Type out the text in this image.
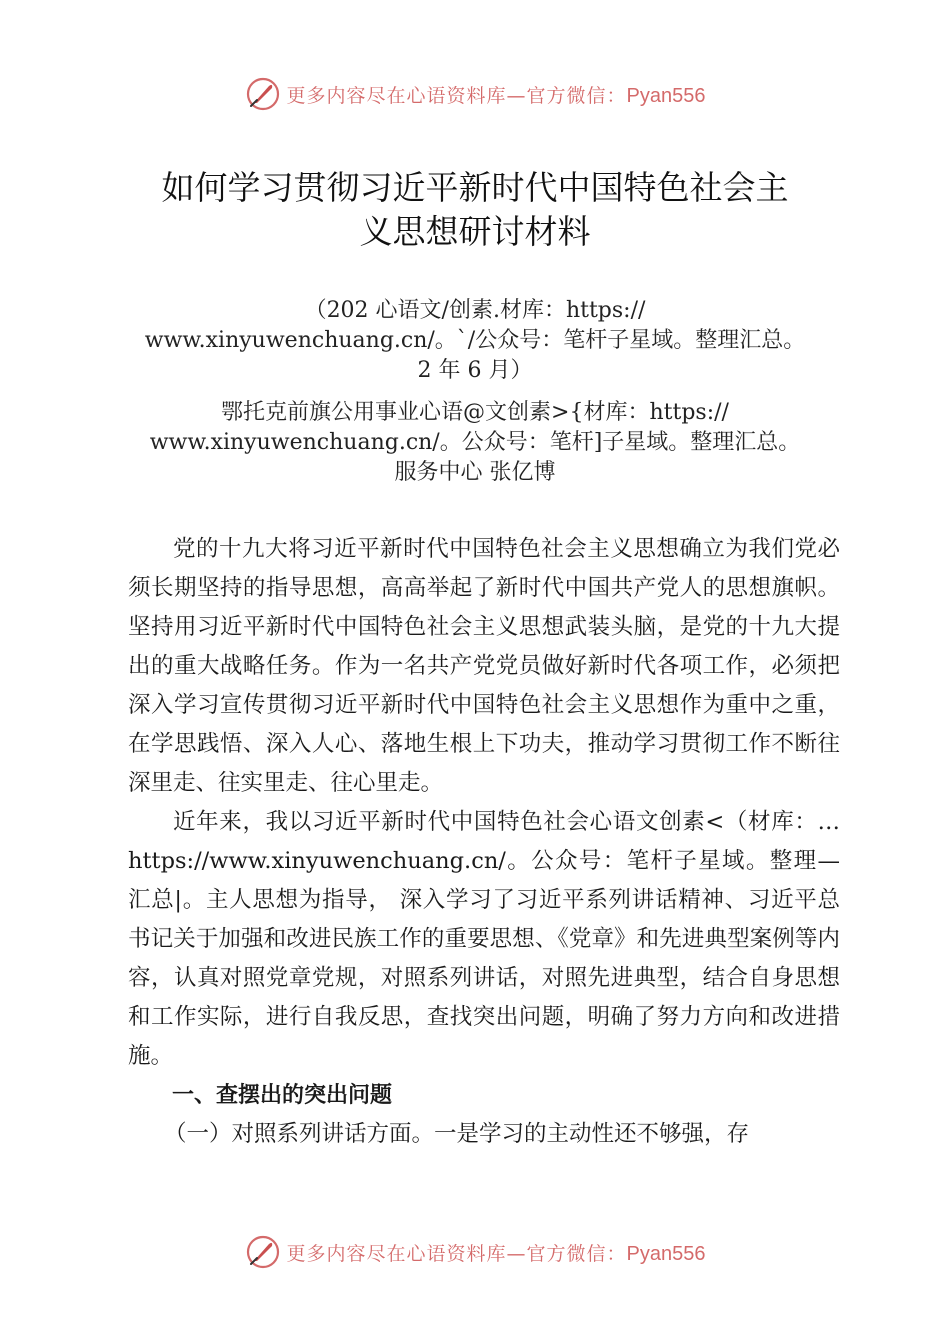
更多内容尽在心语资料库—官方微信：Pyan556
如何学习贯彻习近平新时代中国特色社会主
义思想研讨材料
（202 心语文/创素.材库：https://
www.xinyuwenchuang.cn/。`/公众号：笔杆子星域。整理汇总。
2 年 6 月）
鄂托克前旗公用事业心语@文创素>{材库：https://
www.xinyuwenchuang.cn/。公众号：笔杆]子星域。整理汇总。
服务中心 张亿博

党的十九大将习近平新时代中国特色社会主义思想确立为我们党必须长期坚持的指导思想，高高举起了新时代中国共产党人的思想旗帜。坚持用习近平新时代中国特色社会主义思想武装头脑，是党的十九大提出的重大战略任务。作为一名共产党党员做好新时代各项工作，必须把深入学习宣传贯彻习近平新时代中国特色社会主义思想作为重中之重，在学思践悟、深入人心、落地生根上下功夫，推动学习贯彻工作不断往深里走、往实里走、往心里走。

近年来，我以习近平新时代中国特色社会心语文创素<（材库：…https://www.xinyuwenchuang.cn/。公众号：笔杆子星域。整理—汇总|。主人思想为指导， 深入学习了习近平系列讲话精神、习近平总书记关于加强和改进民族工作的重要思想、《党章》和先进典型案例等内容，认真对照党章党规，对照系列讲话，对照先进典型，结合自身思想和工作实际，进行自我反思，查找突出问题，明确了努力方向和改进措施。

一、查摆出的突出问题

（一）对照系列讲话方面。一是学习的主动性还不够强，存

更多内容尽在心语资料库—官方微信：Pyan556
